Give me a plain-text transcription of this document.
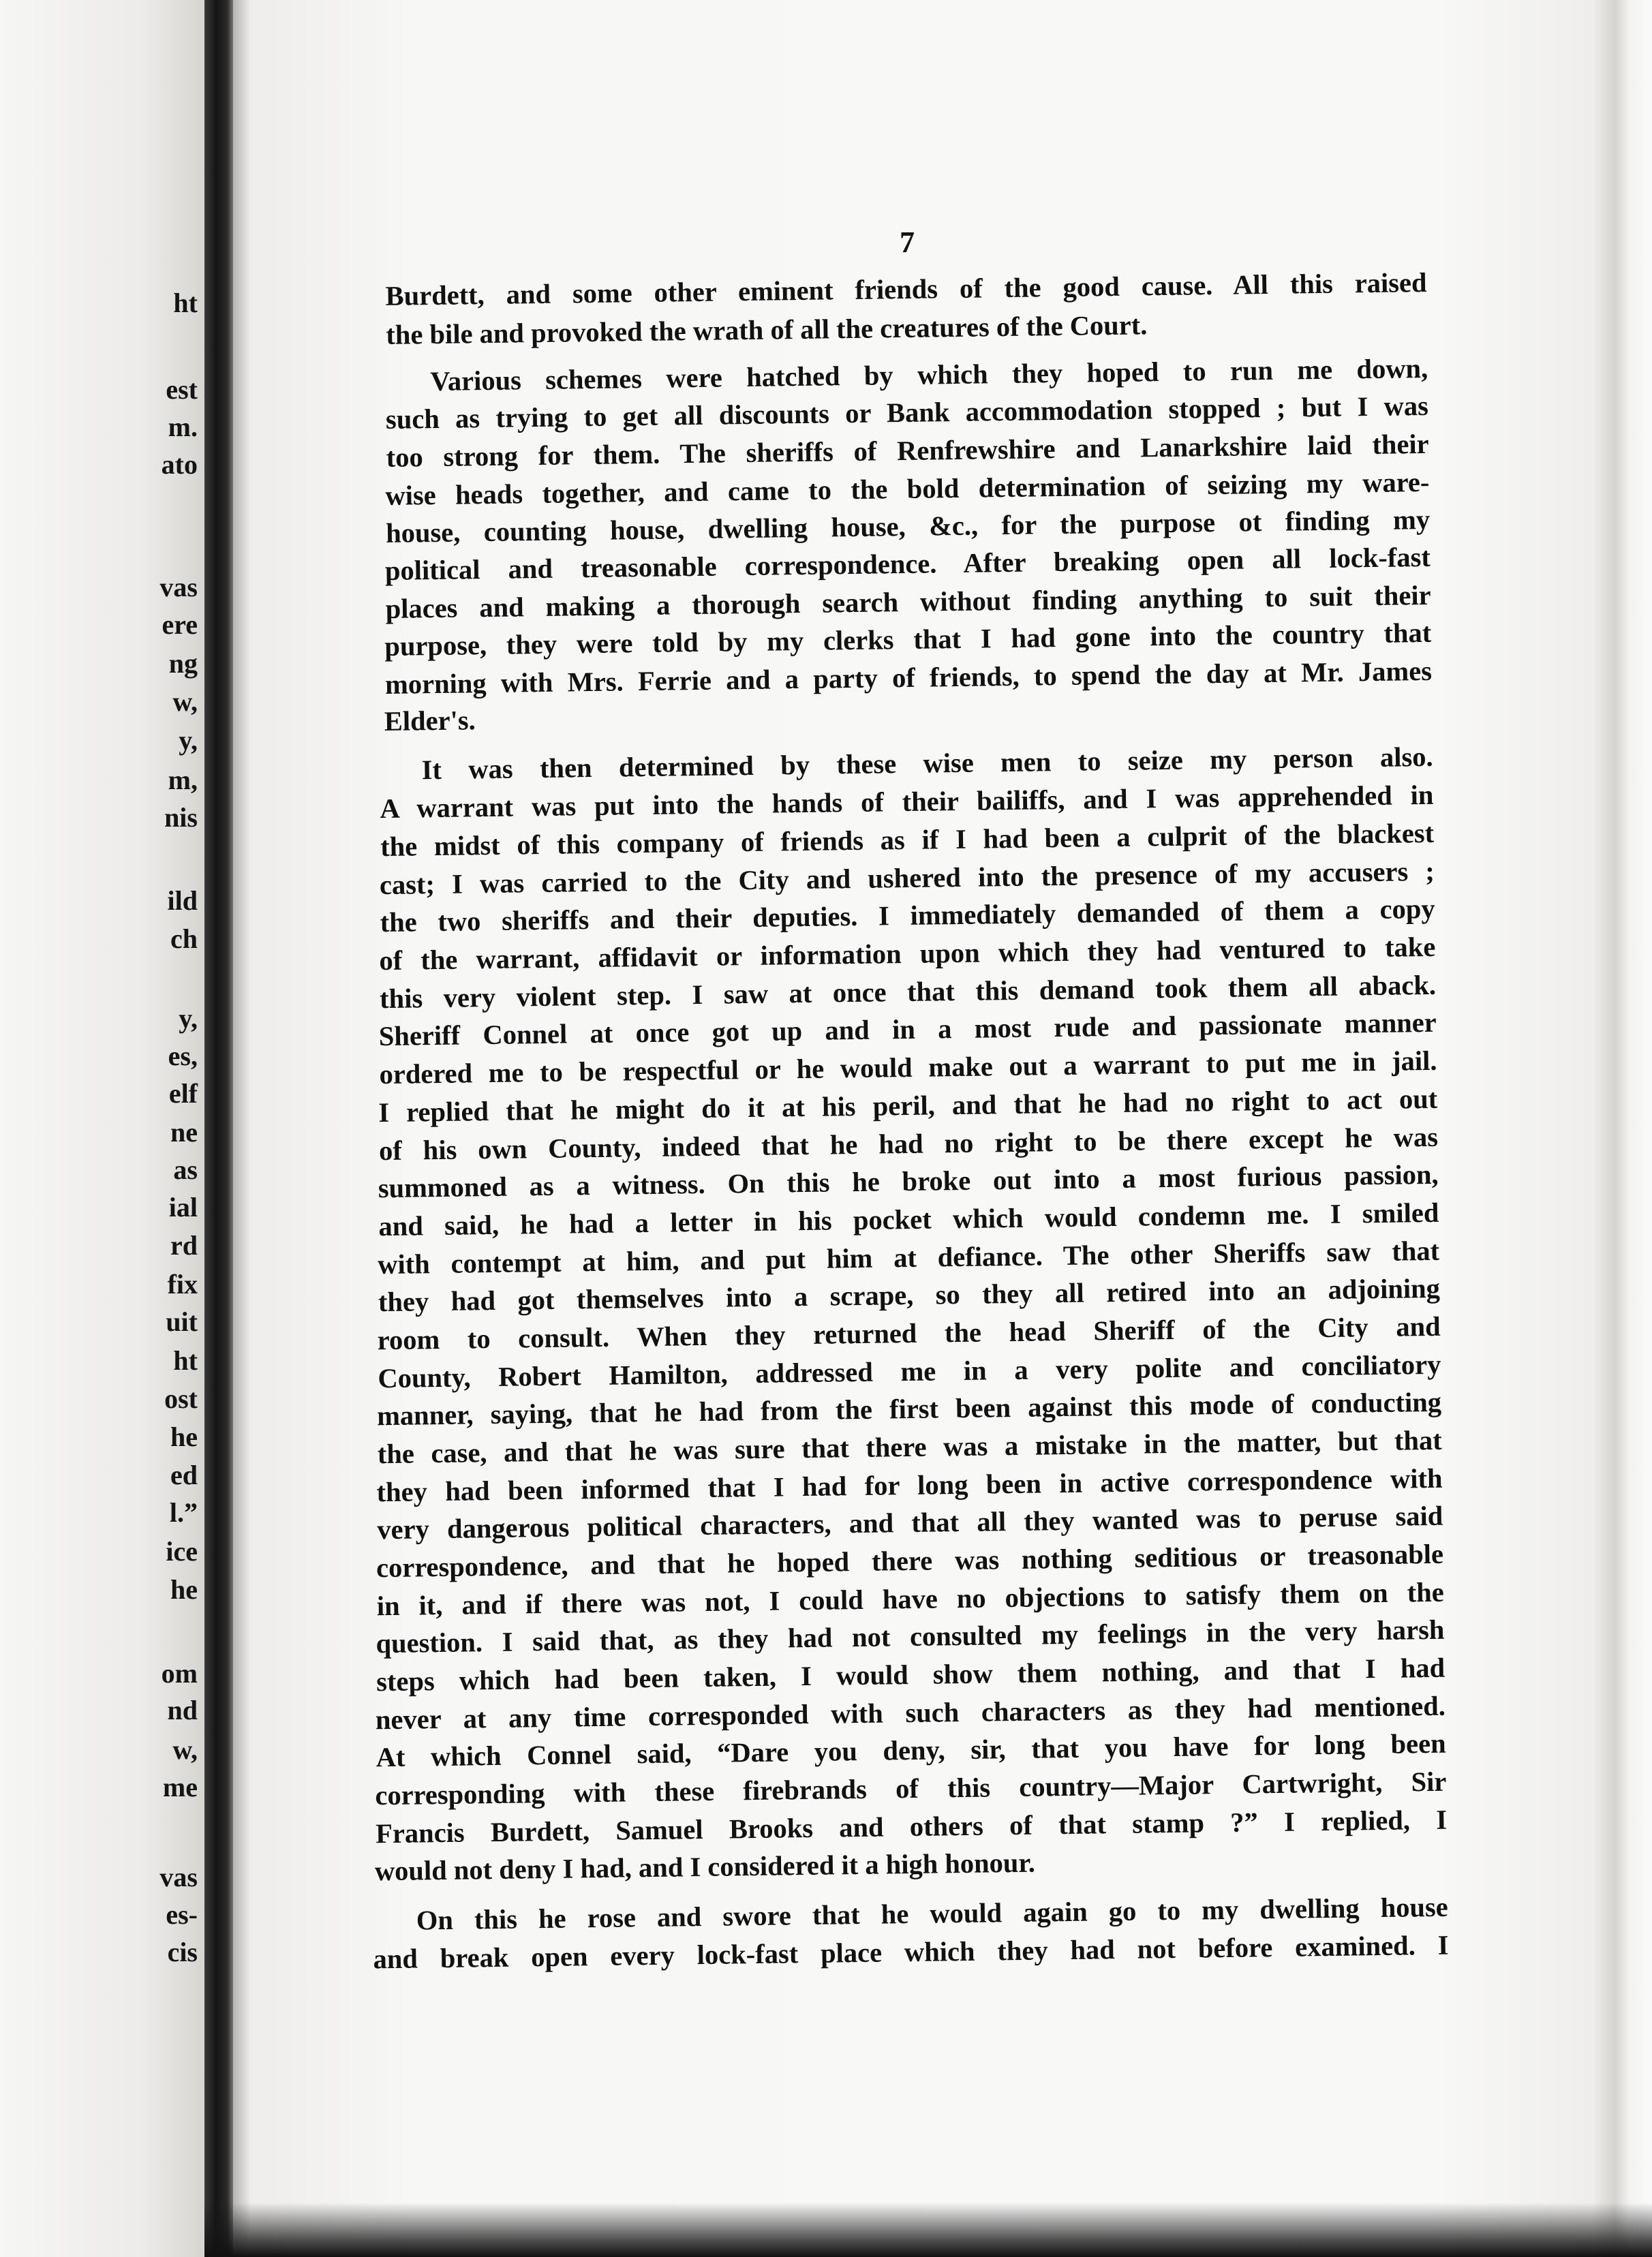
ht
est
m.
ato
vas
ere
ng
w,
y,
m,
nis
ild
ch
y,
es,
elf
ne
as
ial
rd
fix
uit
ht
ost
he
ed
l.”
ice
he
om
nd
w,
me
vas
es-
cis
7
Burdett, and some other eminent friends of the good cause. All this raised
the bile and provoked the wrath of all the creatures of the Court.
Various schemes were hatched by which they hoped to run me down,
such as trying to get all discounts or Bank accommodation stopped ; but I was
too strong for them. The sheriffs of Renfrewshire and Lanarkshire laid their
wise heads together, and came to the bold determination of seizing my ware-
house, counting house, dwelling house, &c., for the purpose ot finding my
political and treasonable correspondence. After breaking open all lock-fast
places and making a thorough search without finding anything to suit their
purpose, they were told by my clerks that I had gone into the country that
morning with Mrs. Ferrie and a party of friends, to spend the day at Mr. James
Elder's.
It was then determined by these wise men to seize my person also.
A warrant was put into the hands of their bailiffs, and I was apprehended in
the midst of this company of friends as if I had been a culprit of the blackest
cast; I was carried to the City and ushered into the presence of my accusers ;
the two sheriffs and their deputies. I immediately demanded of them a copy
of the warrant, affidavit or information upon which they had ventured to take
this very violent step. I saw at once that this demand took them all aback.
Sheriff Connel at once got up and in a most rude and passionate manner
ordered me to be respectful or he would make out a warrant to put me in jail.
I replied that he might do it at his peril, and that he had no right to act out
of his own County, indeed that he had no right to be there except he was
summoned as a witness. On this he broke out into a most furious passion,
and said, he had a letter in his pocket which would condemn me. I smiled
with contempt at him, and put him at defiance. The other Sheriffs saw that
they had got themselves into a scrape, so they all retired into an adjoining
room to consult. When they returned the head Sheriff of the City and
County, Robert Hamilton, addressed me in a very polite and conciliatory
manner, saying, that he had from the first been against this mode of conducting
the case, and that he was sure that there was a mistake in the matter, but that
they had been informed that I had for long been in active correspondence with
very dangerous political characters, and that all they wanted was to peruse said
correspondence, and that he hoped there was nothing seditious or treasonable
in it, and if there was not, I could have no objections to satisfy them on the
question. I said that, as they had not consulted my feelings in the very harsh
steps which had been taken, I would show them nothing, and that I had
never at any time corresponded with such characters as they had mentioned.
At which Connel said, “Dare you deny, sir, that you have for long been
corresponding with these firebrands of this country—Major Cartwright, Sir
Francis Burdett, Samuel Brooks and others of that stamp ?” I replied, I
would not deny I had, and I considered it a high honour.
On this he rose and swore that he would again go to my dwelling house
and break open every lock-fast place which they had not before examined. I
